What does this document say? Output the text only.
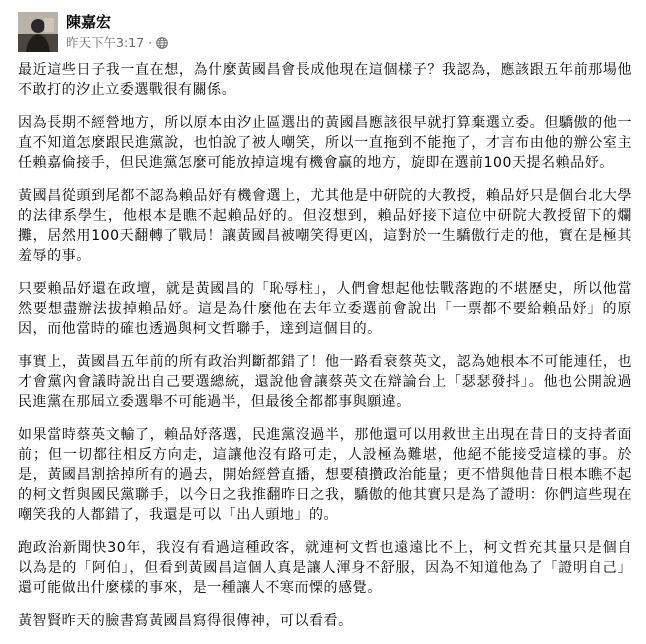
陳嘉宏
昨天下午3:17 ·

最近這些日子我一直在想，為什麼黃國昌會長成他現在這個樣子？我認為，應該跟五年前那場他不敢打的汐止立委選戰很有關係。

因為長期不經營地方，所以原本由汐止區選出的黃國昌應該很早就打算棄選立委。但驕傲的他一直不知道怎麼跟民進黨說，也怕說了被人嘲笑，所以一直拖到不能拖了，才言布由他的辦公室主任賴嘉倫接手，但民進黨怎麼可能放掉這塊有機會贏的地方，旋即在選前100天提名賴品妤。

黃國昌從頭到尾都不認為賴品妤有機會選上，尤其他是中研院的大教授，賴品妤只是個台北大學的法律系學生，他根本是瞧不起賴品妤的。但沒想到，賴品妤接下這位中研院大教授留下的爛攤，居然用100天翻轉了戰局！讓黃國昌被嘲笑得更凶，這對於一生驕傲行走的他，實在是極其羞辱的事。

只要賴品妤還在政壇，就是黃國昌的「恥辱柱」，人們會想起他怯戰落跑的不堪歷史，所以他當然要想盡辦法拔掉賴品妤。這是為什麼他在去年立委選前會說出「一票都不要給賴品妤」的原因，而他當時的確也透過與柯文哲聯手，達到這個目的。

事實上，黃國昌五年前的所有政治判斷都錯了！他一路看衰蔡英文，認為她根本不可能連任，也才會黨內會議時說出自己要選總統，還說他會讓蔡英文在辯論台上「瑟瑟發抖」。他也公開說過民進黨在那屆立委選舉不可能過半，但最後全都都事與願違。

如果當時蔡英文輸了，賴品妤落選，民進黨沒過半，那他還可以用救世主出現在昔日的支持者面前；但一切都往相反方向走，這讓他沒有路可走，人設極為難堪，他絕不能接受這樣的事。於是，黃國昌割捨掉所有的過去，開始經營直播，想要積攢政治能量；更不惜與他昔日根本瞧不起的柯文哲與國民黨聯手，以今日之我推翻昨日之我，驕傲的他其實只是為了證明：你們這些現在嘲笑我的人都錯了，我還是可以「出人頭地」的。

跑政治新聞快30年，我沒有看過這種政客，就連柯文哲也遠遠比不上，柯文哲充其量只是個自以為是的「阿伯」，但看到黃國昌這個人真是讓人渾身不舒服，因為不知道他為了「證明自己」還可能做出什麼樣的事來，是一種讓人不寒而慄的感覺。

黃智賢昨天的臉書寫黃國昌寫得很傳神，可以看看。
